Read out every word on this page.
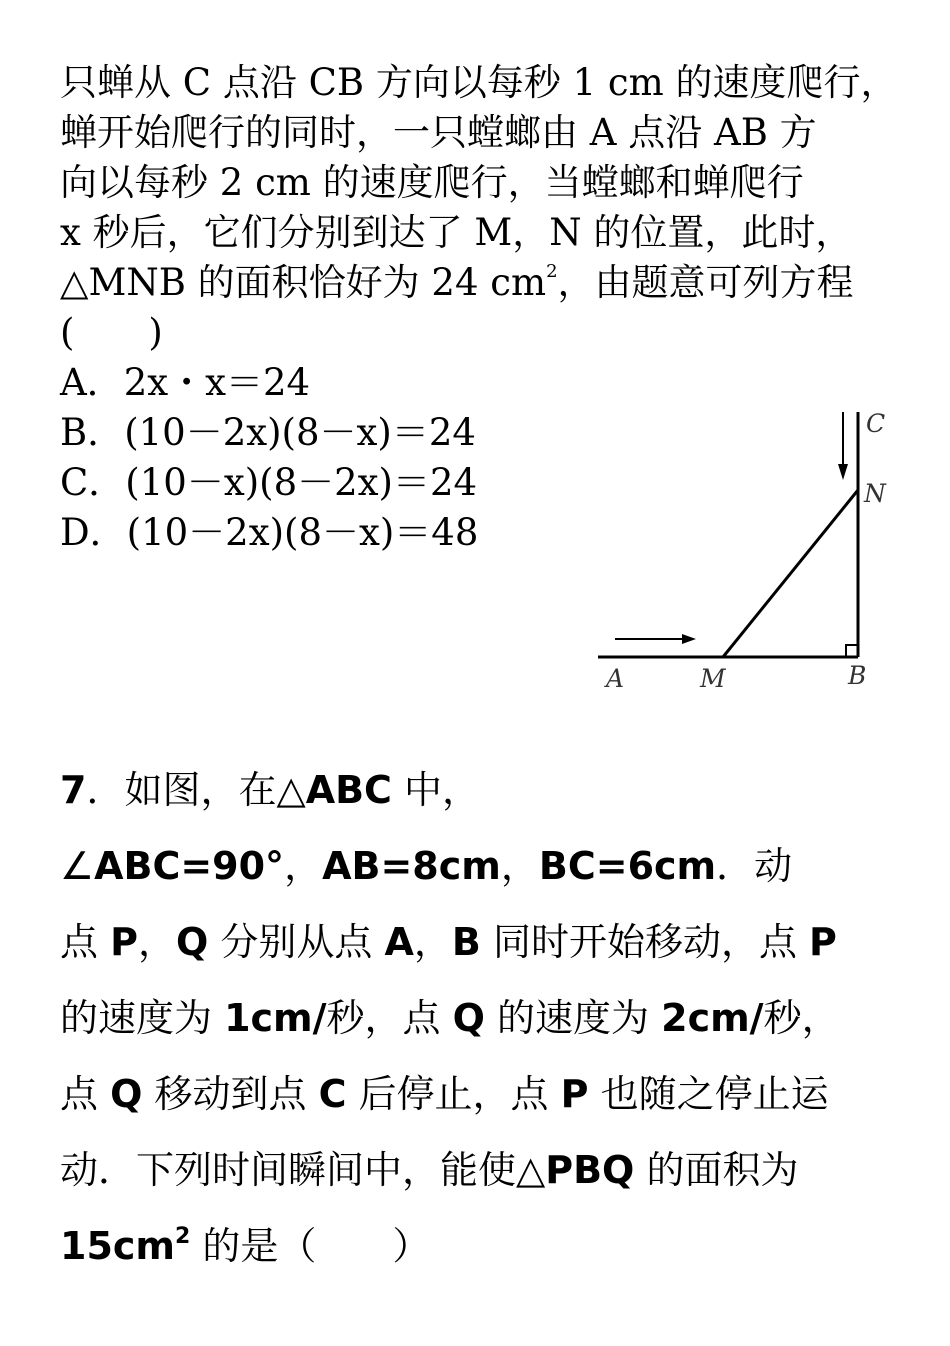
只蝉从 C 点沿 CB 方向以每秒 1 cm 的速度爬行，
蝉开始爬行的同时，一只螳螂由 A 点沿 AB 方
向以每秒 2 cm 的速度爬行，当螳螂和蝉爬行
x 秒后，它们分别到达了 M，N 的位置，此时，
△MNB 的面积恰好为 24 $cm^2$，由题意可列方程
(　　)
A．2x・x＝24
B．(10－2x)(8－x)＝24
C．(10－x)(8－2x)＝24
D．(10－2x)(8－x)＝48
C
N
A	M	B
7．如图，在△ABC 中，
∠ABC=90°，AB=8cm，BC=6cm．动
点 P，Q 分别从点 A，B 同时开始移动，点 P
的速度为 1cm/秒，点 Q 的速度为 2cm/秒，
点 Q 移动到点 C 后停止，点 P 也随之停止运
动．下列时间瞬间中，能使△PBQ 的面积为
$15cm^2$ 的是（　　）
